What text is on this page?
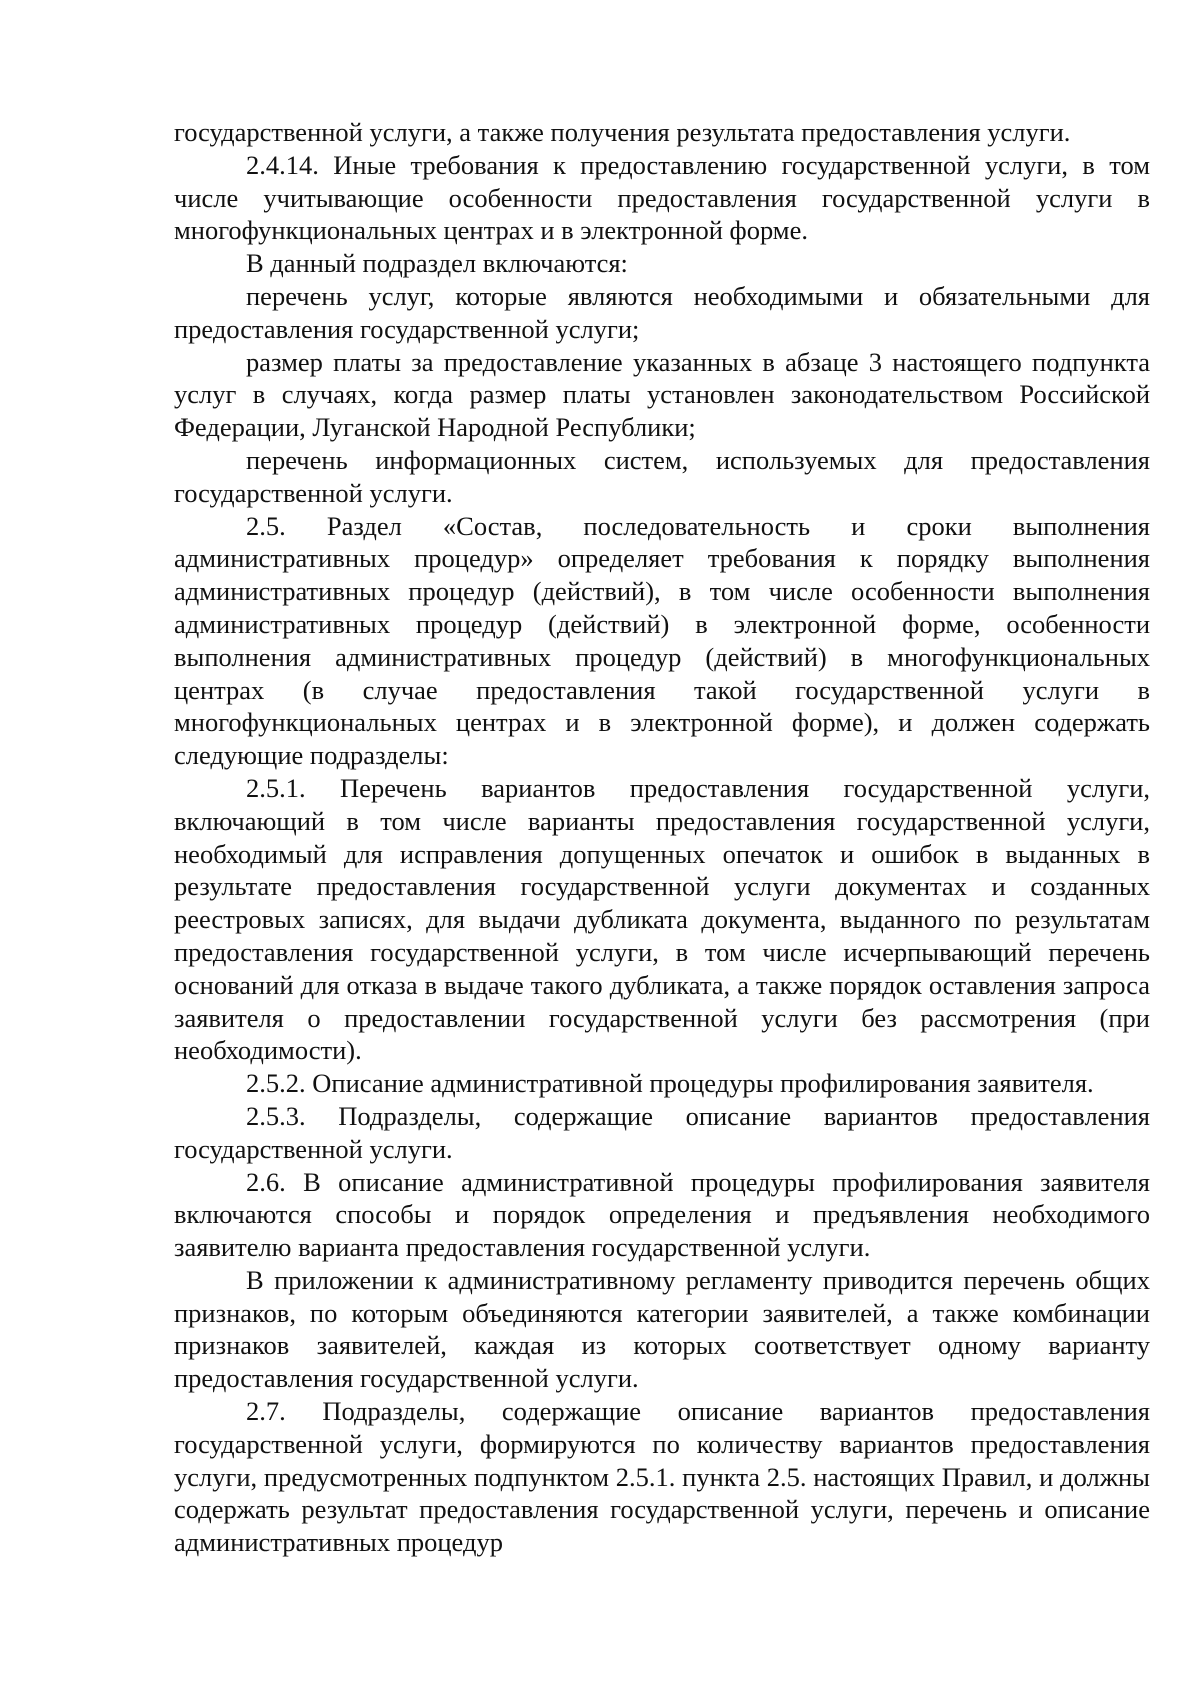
государственной услуги, а также получения результата предоставления услуги.

2.4.14. Иные требования к предоставлению государственной услуги, в том числе учитывающие особенности предоставления государственной услуги в многофункциональных центрах и в электронной форме.

В данный подраздел включаются:

перечень услуг, которые являются необходимыми и обязательными для предоставления государственной услуги;

размер платы за предоставление указанных в абзаце 3 настоящего подпункта услуг в случаях, когда размер платы установлен законодательством Российской Федерации, Луганской Народной Республики;

перечень информационных систем, используемых для предоставления государственной услуги.

2.5. Раздел «Состав, последовательность и сроки выполнения административных процедур» определяет требования к порядку выполнения административных процедур (действий), в том числе особенности выполнения административных процедур (действий) в электронной форме, особенности выполнения административных процедур (действий) в многофункциональных центрах (в случае предоставления такой государственной услуги в многофункциональных центрах и в электронной форме), и должен содержать следующие подразделы:

2.5.1. Перечень вариантов предоставления государственной услуги, включающий в том числе варианты предоставления государственной услуги, необходимый для исправления допущенных опечаток и ошибок в выданных в результате предоставления государственной услуги документах и созданных реестровых записях, для выдачи дубликата документа, выданного по результатам предоставления государственной услуги, в том числе исчерпывающий перечень оснований для отказа в выдаче такого дубликата, а также порядок оставления запроса заявителя о предоставлении государственной услуги без рассмотрения (при необходимости).

2.5.2. Описание административной процедуры профилирования заявителя.

2.5.3. Подразделы, содержащие описание вариантов предоставления государственной услуги.

2.6. В описание административной процедуры профилирования заявителя включаются способы и порядок определения и предъявления необходимого заявителю варианта предоставления государственной услуги.

В приложении к административному регламенту приводится перечень общих признаков, по которым объединяются категории заявителей, а также комбинации признаков заявителей, каждая из которых соответствует одному варианту предоставления государственной услуги.

2.7. Подразделы, содержащие описание вариантов предоставления государственной услуги, формируются по количеству вариантов предоставления услуги, предусмотренных подпунктом 2.5.1. пункта 2.5. настоящих Правил, и должны содержать результат предоставления государственной услуги, перечень и описание административных процедур
